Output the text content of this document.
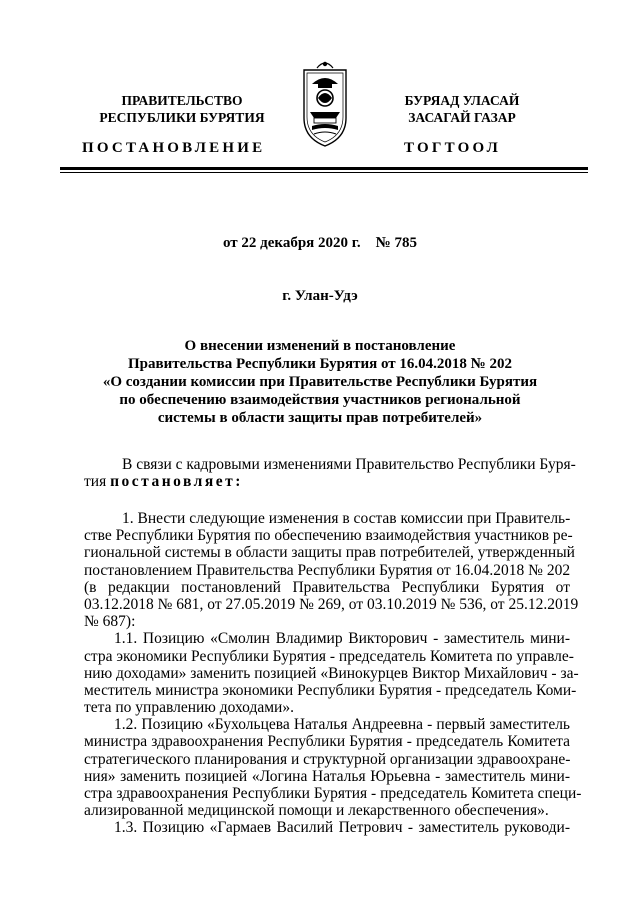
ПРАВИТЕЛЬСТВО
РЕСПУБЛИКИ БУРЯТИЯ
БУРЯАД УЛАСАЙ
ЗАСАГАЙ ГАЗАР
ПОСТАНОВЛЕНИЕ	ТОГТООЛ
от 22 декабря 2020 г.    № 785
г. Улан-Удэ
О внесении изменений в постановление
Правительства Республики Бурятия от 16.04.2018 № 202
«О создании комиссии при Правительстве Республики Бурятия
по обеспечению взаимодействия участников региональной
системы в области защиты прав потребителей»
В связи с кадровыми изменениями Правительство Республики Буря-
тия постановляет:
1. Внести следующие изменения в состав комиссии при Правитель-
стве Республики Бурятия по обеспечению взаимодействия участников ре-
гиональной системы в области защиты прав потребителей, утвержденный
постановлением Правительства Республики Бурятия от 16.04.2018 № 202
(в редакции постановлений Правительства Республики Бурятия от
03.12.2018 № 681, от 27.05.2019 № 269, от 03.10.2019 № 536, от 25.12.2019
№ 687):
1.1. Позицию «Смолин Владимир Викторович - заместитель мини-
стра экономики Республики Бурятия - председатель Комитета по управле-
нию доходами» заменить позицией «Винокурцев Виктор Михайлович - за-
меститель министра экономики Республики Бурятия - председатель Коми-
тета по управлению доходами».
1.2. Позицию «Бухольцева Наталья Андреевна - первый заместитель
министра здравоохранения Республики Бурятия - председатель Комитета
стратегического планирования и структурной организации здравоохране-
ния» заменить позицией «Логина Наталья Юрьевна - заместитель мини-
стра здравоохранения Республики Бурятия - председатель Комитета специ-
ализированной медицинской помощи и лекарственного обеспечения».
1.3. Позицию «Гармаев Василий Петрович - заместитель руководи-
